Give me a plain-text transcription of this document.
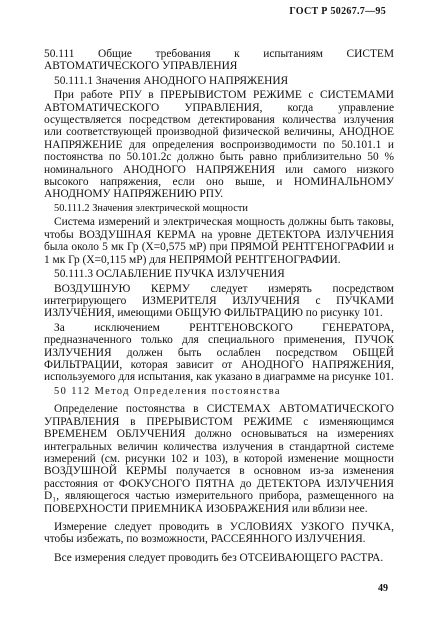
ГОСТ Р 50267.7—95

50.111 Общие требования к испытаниям СИСТЕМ АВТОМАТИЧЕСКОГО УПРАВЛЕНИЯ

50.111.1 Значения АНОДНОГО НАПРЯЖЕНИЯ

При работе РПУ в ПРЕРЫВИСТОМ РЕЖИМЕ с СИСТЕМАМИ АВТОМАТИЧЕСКОГО УПРАВЛЕНИЯ, когда управление осуществляется посредством детектирования количества излучения или соответствующей производной физической величины, АНОДНОЕ НАПРЯЖЕНИЕ для определения воспроизводимости по 50.101.1 и постоянства по 50.101.2с должно быть равно приблизительно 50 % номинального АНОДНОГО НАПРЯЖЕНИЯ или самого низкого высокого напряжения, если оно выше, и НОМИНАЛЬНОМУ АНОДНОМУ НАПРЯЖЕНИЮ РПУ.

50.111.2 Значения электрической мощности

Система измерений и электрическая мощность должны быть таковы, чтобы ВОЗДУШНАЯ КЕРМА на уровне ДЕТЕКТОРА ИЗЛУЧЕНИЯ была около 5 мк Гр (Х=0,575 мР) при ПРЯМОЙ РЕНТГЕНОГРАФИИ и 1 мк Гр (Х=0,115 мР) для НЕПРЯМОЙ РЕНТГЕНОГРАФИИ.

50.111.3 ОСЛАБЛЕНИЕ ПУЧКА ИЗЛУЧЕНИЯ

ВОЗДУШНУЮ КЕРМУ следует измерять посредством интегрирующего ИЗМЕРИТЕЛЯ ИЗЛУЧЕНИЯ с ПУЧКАМИ ИЗЛУЧЕНИЯ, имеющими ОБЩУЮ ФИЛЬТРАЦИЮ по рисунку 101.

За исключением РЕНТГЕНОВСКОГО ГЕНЕРАТОРА, предназначенного только для специального применения, ПУЧОК ИЗЛУЧЕНИЯ должен быть ослаблен посредством ОБЩЕЙ ФИЛЬТРАЦИИ, которая зависит от АНОДНОГО НАПРЯЖЕНИЯ, используемого для испытания, как указано в диаграмме на рисунке 101.

50 112 Метод Определения постоянства

Определение постоянства в СИСТЕМАХ АВТОМАТИЧЕСКОГО УПРАВЛЕНИЯ в ПРЕРЫВИСТОМ РЕЖИМЕ с изменяющимся ВРЕМЕНЕМ ОБЛУЧЕНИЯ должно основываться на измерениях интегральных величин количества излучения в стандартной системе измерений (см. рисунки 102 и 103), в которой изменение мощности ВОЗДУШНОЙ КЕРМЫ получается в основном из-за изменения расстояния от ФОКУСНОГО ПЯТНА до ДЕТЕКТОРА ИЗЛУЧЕНИЯ D₁, являющегося частью измерительного прибора, размещенного на ПОВЕРХНОСТИ ПРИЕМНИКА ИЗОБРАЖЕНИЯ или вблизи нее.

Измерение следует проводить в УСЛОВИЯХ УЗКОГО ПУЧКА, чтобы избежать, по возможности, РАССЕЯННОГО ИЗЛУЧЕНИЯ.

Все измерения следует проводить без ОТСЕИВАЮЩЕГО РАСТРА.

49
